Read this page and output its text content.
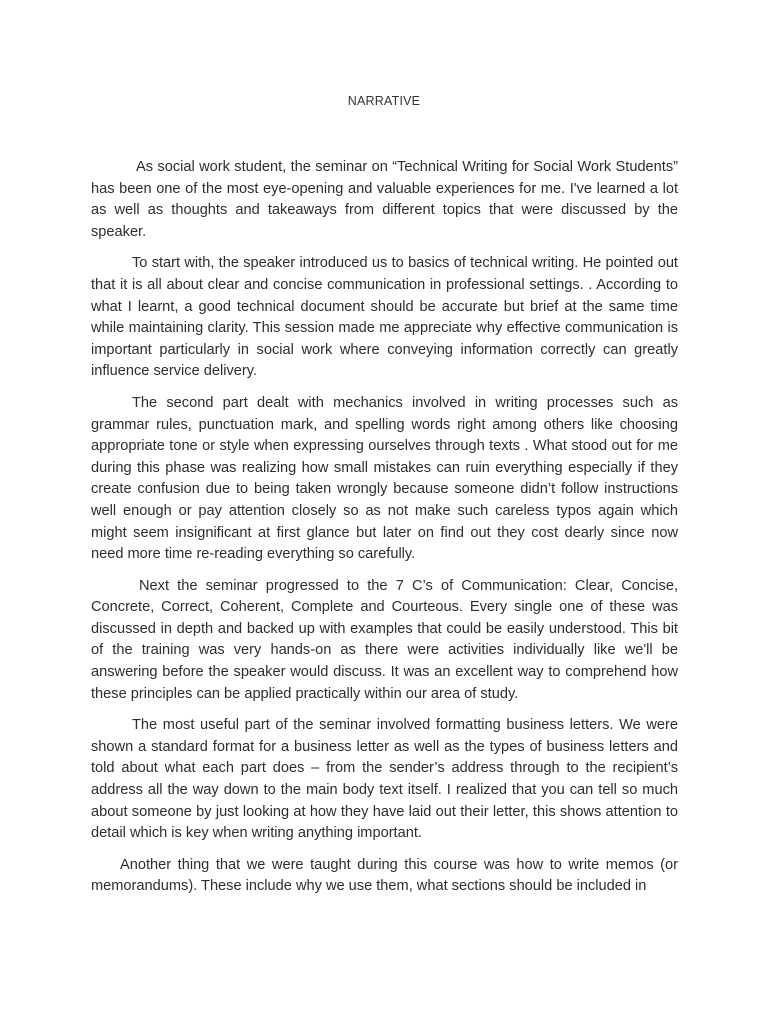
NARRATIVE

As social work student, the seminar on “Technical Writing for Social Work Students” has been one of the most eye-opening and valuable experiences for me. I've learned a lot as well as thoughts and takeaways from different topics that were discussed by the speaker.

To start with, the speaker introduced us to basics of technical writing. He pointed out that it is all about clear and concise communication in professional settings. . According to what I learnt, a good technical document should be accurate but brief at the same time while maintaining clarity. This session made me appreciate why effective communication is important particularly in social work where conveying information correctly can greatly influence service delivery.

The second part dealt with mechanics involved in writing processes such as grammar rules, punctuation mark, and spelling words right among others like choosing appropriate tone or style when expressing ourselves through texts . What stood out for me during this phase was realizing how small mistakes can ruin everything especially if they create confusion due to being taken wrongly because someone didn’t follow instructions well enough or pay attention closely so as not make such careless typos again which might seem insignificant at first glance but later on find out they cost dearly since now need more time re-reading everything so carefully.

Next the seminar progressed to the 7 C’s of Communication: Clear, Concise, Concrete, Correct, Coherent, Complete and Courteous. Every single one of these was discussed in depth and backed up with examples that could be easily understood. This bit of the training was very hands-on as there were activities individually like we'll be answering before the speaker would discuss. It was an excellent way to comprehend how these principles can be applied practically within our area of study.

The most useful part of the seminar involved formatting business letters. We were shown a standard format for a business letter as well as the types of business letters and told about what each part does – from the sender’s address through to the recipient’s address all the way down to the main body text itself. I realized that you can tell so much about someone by just looking at how they have laid out their letter, this shows attention to detail which is key when writing anything important.

Another thing that we were taught during this course was how to write memos (or memorandums). These include why we use them, what sections should be included in
